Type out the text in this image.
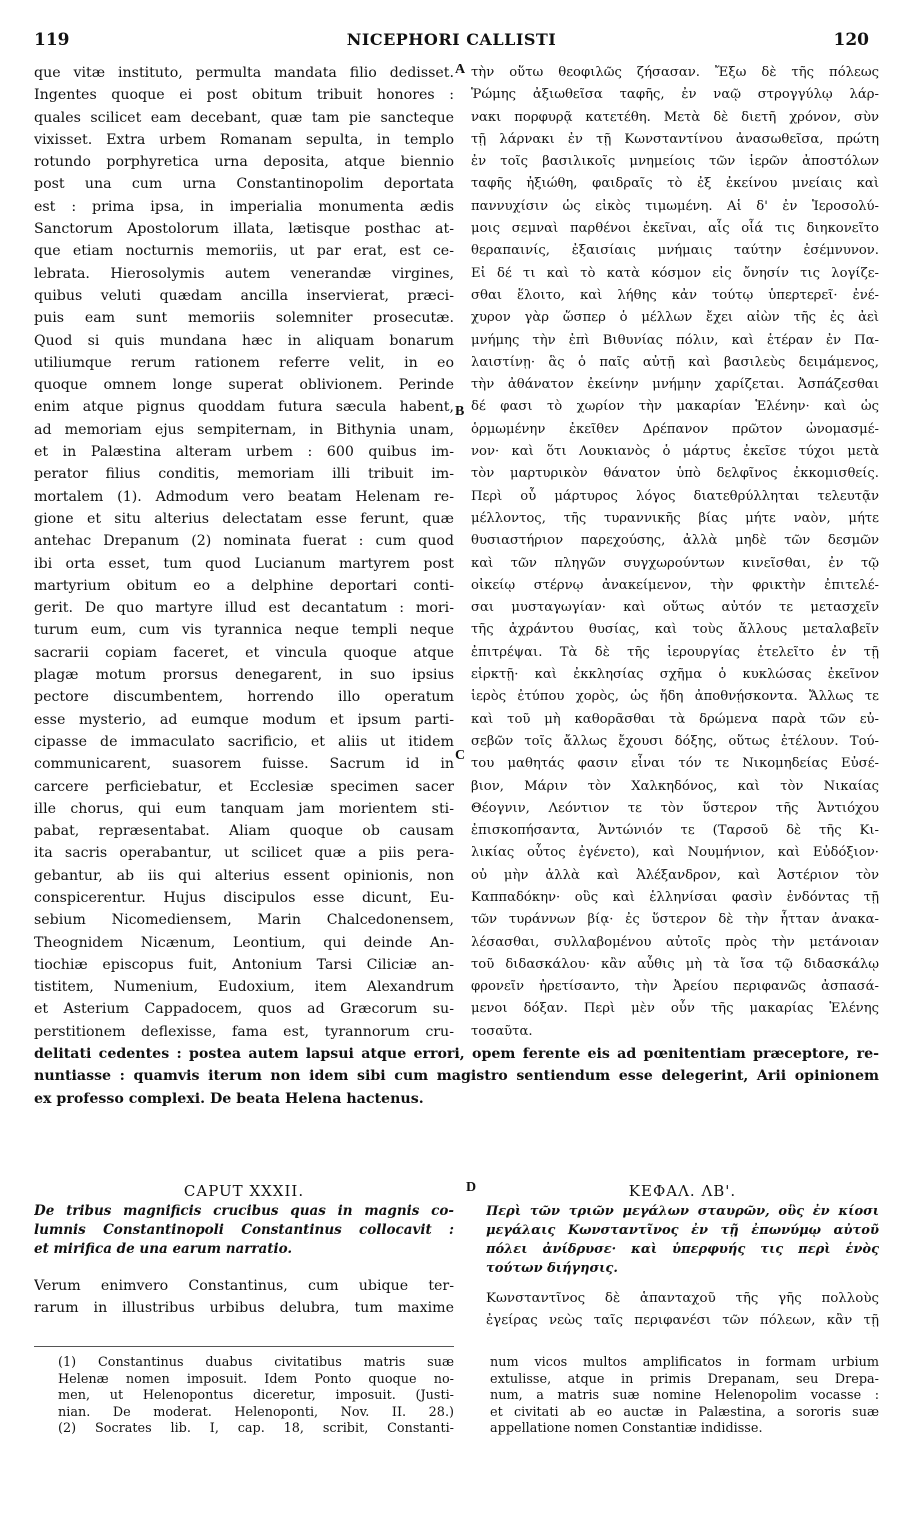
119	NICEPHORI CALLISTI	120
A
B
C
D
que vitæ instituto, permulta mandata filio dedisset.
Ingentes quoque ei post obitum tribuit honores :
quales scilicet eam decebant, quæ tam pie sancteque
vixisset. Extra urbem Romanam sepulta, in templo
rotundo porphyretica urna deposita, atque biennio
post una cum urna Constantinopolim deportata
est : prima ipsa, in imperialia monumenta ædis
Sanctorum Apostolorum illata, lætisque posthac at-
que etiam nocturnis memoriis, ut par erat, est ce-
lebrata. Hierosolymis autem venerandæ virgines,
quibus veluti quædam ancilla inservierat, præci-
puis eam sunt memoriis solemniter prosecutæ.
Quod si quis mundana hæc in aliquam bonarum
utiliumque rerum rationem referre velit, in eo
quoque omnem longe superat oblivionem. Perinde
enim atque pignus quoddam futura sæcula habent,
ad memoriam ejus sempiternam, in Bithynia unam,
et in Palæstina alteram urbem : 600 quibus im-
perator filius conditis, memoriam illi tribuit im-
mortalem (1). Admodum vero beatam Helenam re-
gione et situ alterius delectatam esse ferunt, quæ
antehac Drepanum (2) nominata fuerat : cum quod
ibi orta esset, tum quod Lucianum martyrem post
martyrium obitum eo a delphine deportari conti-
gerit. De quo martyre illud est decantatum : mori-
turum eum, cum vis tyrannica neque templi neque
sacrarii copiam faceret, et vincula quoque atque
plagæ motum prorsus denegarent, in suo ipsius
pectore discumbentem, horrendo illo operatum
esse mysterio, ad eumque modum et ipsum parti-
cipasse de immaculato sacrificio, et aliis ut itidem
communicarent, suasorem fuisse. Sacrum id in
carcere perficiebatur, et Ecclesiæ specimen sacer
ille chorus, qui eum tanquam jam morientem sti-
pabat, repræsentabat. Aliam quoque ob causam
ita sacris operabantur, ut scilicet quæ a piis pera-
gebantur, ab iis qui alterius essent opinionis, non
conspicerentur. Hujus discipulos esse dicunt, Eu-
sebium Nicomediensem, Marin Chalcedonensem,
Theognidem Nicænum, Leontium, qui deinde An-
tiochiæ episcopus fuit, Antonium Tarsi Ciliciæ an-
tistitem, Numenium, Eudoxium, item Alexandrum
et Asterium Cappadocem, quos ad Græcorum su-
perstitionem deflexisse, fama est, tyrannorum cru-
τὴν οὕτω θεοφιλῶς ζήσασαν. Ἔξω δὲ τῆς πόλεως
Ῥώμης ἀξιωθεῖσα ταφῆς, ἐν ναῷ στρογγύλῳ λάρ-
νακι πορφυρᾷ κατετέθη. Μετὰ δὲ διετῆ χρόνον, σὺν
τῇ λάρνακι ἐν τῇ Κωνσταντίνου ἀνασωθεῖσα, πρώτη
ἐν τοῖς βασιλικοῖς μνημείοις τῶν ἱερῶν ἀποστόλων
ταφῆς ἠξιώθη, φαιδραῖς τὸ ἐξ ἐκείνου μνείαις καὶ
παννυχίσιν ὡς εἰκὸς τιμωμένη. Αἱ δ' ἐν Ἱεροσολύ-
μοις σεμναὶ παρθένοι ἐκεῖναι, αἷς οἷά τις διηκονεῖτο
θεραπαινίς, ἐξαισίαις μνήμαις ταύτην ἐσέμνυνον.
Εἰ δέ τι καὶ τὸ κατὰ κόσμον εἰς ὄνησίν τις λογίζε-
σθαι ἕλοιτο, καὶ λήθης κἀν τούτῳ ὑπερτερεῖ· ἐνέ-
χυρον γὰρ ὥσπερ ὁ μέλλων ἔχει αἰὼν τῆς ἐς ἀεὶ
μνήμης τὴν ἐπὶ Βιθυνίας πόλιν, καὶ ἑτέραν ἐν Πα-
λαιστίνῃ· ἃς ὁ παῖς αὐτῇ καὶ βασιλεὺς δειμάμενος,
τὴν ἀθάνατον ἐκείνην μνήμην χαρίζεται. Ἀσπάζεσθαι
δέ φασι τὸ χωρίον τὴν μακαρίαν Ἑλένην· καὶ ὡς
ὁρμωμένην ἐκεῖθεν Δρέπανον πρῶτον ὠνομασμέ-
νον· καὶ ὅτι Λουκιανὸς ὁ μάρτυς ἐκεῖσε τύχοι μετὰ
τὸν μαρτυρικὸν θάνατον ὑπὸ δελφῖνος ἐκκομισθείς.
Περὶ οὗ μάρτυρος λόγος διατεθρύλληται τελευτᾷν
μέλλοντος, τῆς τυραννικῆς βίας μήτε ναὸν, μήτε
θυσιαστήριον παρεχούσης, ἀλλὰ μηδὲ τῶν δεσμῶν
καὶ τῶν πληγῶν συγχωρούντων κινεῖσθαι, ἐν τῷ
οἰκείῳ στέρνῳ ἀνακείμενον, τὴν φρικτὴν ἐπιτελέ-
σαι μυσταγωγίαν· καὶ οὕτως αὐτόν τε μετασχεῖν
τῆς ἀχράντου θυσίας, καὶ τοὺς ἄλλους μεταλαβεῖν
ἐπιτρέψαι. Τὰ δὲ τῆς ἱερουργίας ἐτελεῖτο ἐν τῇ
εἱρκτῇ· καὶ ἐκκλησίας σχῆμα ὁ κυκλώσας ἐκεῖνον
ἱερὸς ἐτύπου χορὸς, ὡς ἤδη ἀποθνῄσκοντα. Ἄλλως τε
καὶ τοῦ μὴ καθορᾶσθαι τὰ δρώμενα παρὰ τῶν εὐ-
σεβῶν τοῖς ἄλλως ἔχουσι δόξης, οὕτως ἐτέλουν. Τού-
του μαθητάς φασιν εἶναι τόν τε Νικομηδείας Εὐσέ-
βιον, Μάριν τὸν Χαλκηδόνος, καὶ τὸν Νικαίας
Θέογνιν, Λεόντιον τε τὸν ὕστερον τῆς Ἀντιόχου
ἐπισκοπήσαντα, Ἀντώνιόν τε (Ταρσοῦ δὲ τῆς Κι-
λικίας οὗτος ἐγένετο), καὶ Νουμήνιον, καὶ Εὐδόξιον·
οὐ μὴν ἀλλὰ καὶ Ἀλέξανδρον, καὶ Ἀστέριον τὸν
Καππαδόκην· οὓς καὶ ἑλληνίσαι φασὶν ἐνδόντας τῇ
τῶν τυράννων βίᾳ· ἐς ὕστερον δὲ τὴν ἧτταν ἀνακα-
λέσασθαι, συλλαβομένου αὐτοῖς πρὸς τὴν μετάνοιαν
τοῦ διδασκάλου· κἂν αὖθις μὴ τὰ ἴσα τῷ διδασκάλῳ
φρονεῖν ἠρετίσαντο, τὴν Ἀρείου περιφανῶς ἀσπασά-
μενοι δόξαν. Περὶ μὲν οὖν τῆς μακαρίας Ἑλένης
τοσαῦτα.
delitati cedentes : postea autem lapsui atque errori, opem ferente eis ad pœnitentiam præceptore, re-
nuntiasse : quamvis iterum non idem sibi cum magistro sentiendum esse delegerint, Arii opinionem
ex professo complexi. De beata Helena hactenus.
CAPUT XXXII.
De tribus magnificis crucibus quas in magnis co-
lumnis Constantinopoli Constantinus collocavit :
et mirifica de una earum narratio.
Verum enimvero Constantinus, cum ubique ter-
rarum in illustribus urbibus delubra, tum maxime
ΚΕΦΑΛ. ΛΒ'.
Περὶ τῶν τριῶν μεγάλων σταυρῶν, οὓς ἐν κίοσι
μεγάλαις Κωνσταντῖνος ἐν τῇ ἐπωνύμῳ αὐτοῦ
πόλει ἀνίδρυσε· καὶ ὑπερφυής τις περὶ ἑνὸς
τούτων διήγησις.
Κωνσταντῖνος δὲ ἁπανταχοῦ τῆς γῆς πολλοὺς
ἐγείρας νεὼς ταῖς περιφανέσι τῶν πόλεων, κἂν τῇ
(1) Constantinus duabus civitatibus matris suæ
Helenæ nomen imposuit. Idem Ponto quoque no-
men, ut Helenopontus diceretur, imposuit. (Justi-
nian. De moderat. Helenoponti, Nov. II. 28.)
(2) Socrates lib. I, cap. 18, scribit, Constanti-
num vicos multos amplificatos in formam urbium
extulisse, atque in primis Drepanam, seu Drepa-
num, a matris suæ nomine Helenopolim vocasse :
et civitati ab eo auctæ in Palæstina, a sororis suæ
appellatione nomen Constantiæ indidisse.
